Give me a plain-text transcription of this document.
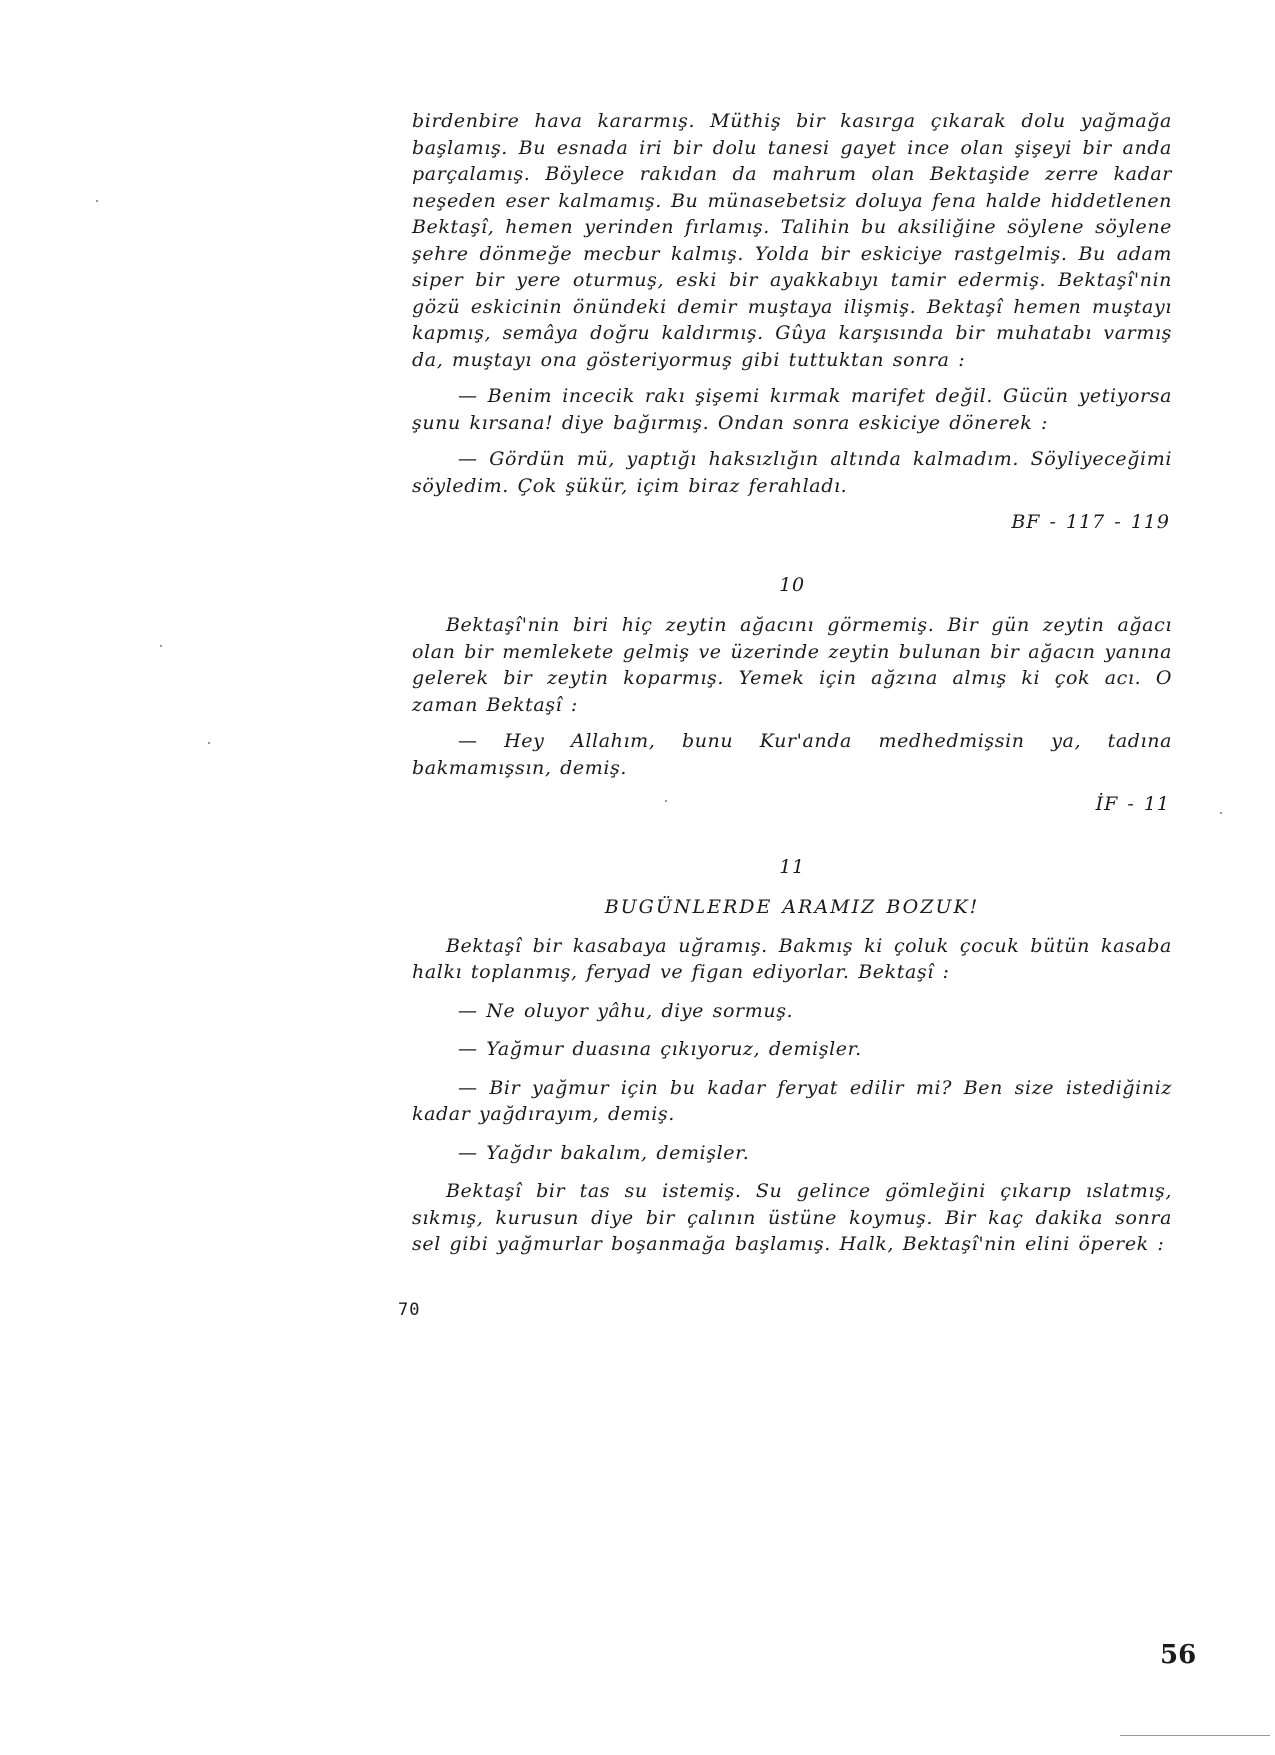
birdenbire hava kararmış. Müthiş bir kasırga çıkarak dolu yağmağa başlamış. Bu esnada iri bir dolu tanesi gayet ince olan şişeyi bir anda parçalamış. Böylece rakıdan da mahrum olan Bektaşide zerre kadar neşeden eser kalmamış. Bu münasebetsiz doluya fena halde hiddetlenen Bektaşî, hemen yerinden fırlamış. Talihin bu aksiliğine söylene söylene şehre dönmeğe mecbur kalmış. Yolda bir eskiciye rastgelmiş. Bu adam siper bir yere oturmuş, eski bir ayakkabıyı tamir edermiş. Bektaşî'nin gözü eskicinin önündeki demir muştaya ilişmiş. Bektaşî hemen muştayı kapmış, semâya doğru kaldırmış. Gûya karşısında bir muhatabı varmış da, muştayı ona gösteriyormuş gibi tuttuktan sonra :

— Benim incecik rakı şişemi kırmak marifet değil. Gücün yetiyorsa şunu kırsana! diye bağırmış. Ondan sonra eskiciye dönerek :

— Gördün mü, yaptığı haksızlığın altında kalmadım. Söyliyeceğimi söyledim. Çok şükür, içim biraz ferahladı.

BF - 117 - 119

10

Bektaşî'nin biri hiç zeytin ağacını görmemiş. Bir gün zeytin ağacı olan bir memlekete gelmiş ve üzerinde zeytin bulunan bir ağacın yanına gelerek bir zeytin koparmış. Yemek için ağzına almış ki çok acı. O zaman Bektaşî :

— Hey Allahım, bunu Kur'anda medhedmişsin ya, tadına bakmamışsın, demiş.

İF - 11

11

BUGÜNLERDE ARAMIZ BOZUK!

Bektaşî bir kasabaya uğramış. Bakmış ki çoluk çocuk bütün kasaba halkı toplanmış, feryad ve figan ediyorlar. Bektaşî :

— Ne oluyor yâhu, diye sormuş.

— Yağmur duasına çıkıyoruz, demişler.

— Bir yağmur için bu kadar feryat edilir mi? Ben size istediğiniz kadar yağdırayım, demiş.

— Yağdır bakalım, demişler.

Bektaşî bir tas su istemiş. Su gelince gömleğini çıkarıp ıslatmış, sıkmış, kurusun diye bir çalının üstüne koymuş. Bir kaç dakika sonra sel gibi yağmurlar boşanmağa başlamış. Halk, Bektaşî'nin elini öperek :

70
56
